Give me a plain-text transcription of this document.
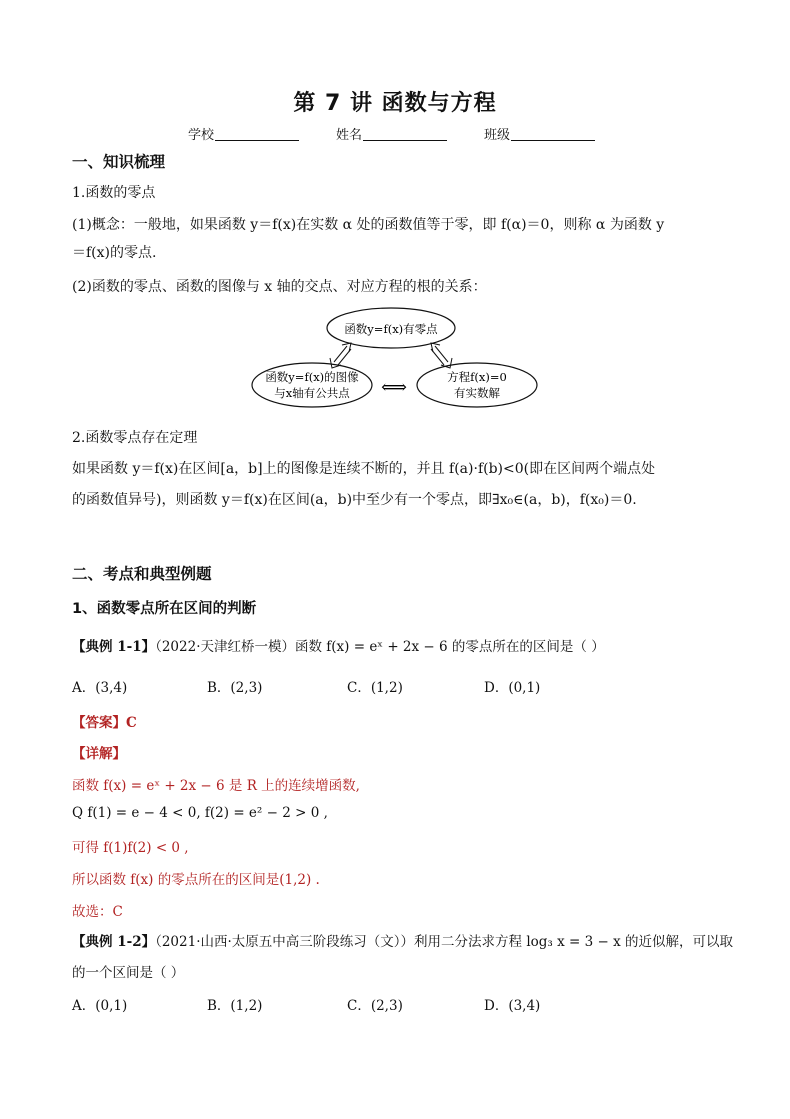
第 7 讲 函数与方程
学校	姓名	班级
一、知识梳理
1.函数的零点
(1)概念：一般地，如果函数 y＝f(x)在实数 α 处的函数值等于零，即 f(α)＝0，则称 α 为函数 y
＝f(x)的零点.
(2)函数的零点、函数的图像与 x 轴的交点、对应方程的根的关系：
函数y=f(x)有零点
函数y=f(x)的图像
与x轴有公共点
方程f(x)=0
有实数解
⟺
2.函数零点存在定理
如果函数 y＝f(x)在区间[a，b]上的图像是连续不断的，并且 f(a)·f(b)<0(即在区间两个端点处
的函数值异号)，则函数 y＝f(x)在区间(a，b)中至少有一个零点，即∃x₀∈(a，b)，f(x₀)＝0.
二、考点和典型例题
1、函数零点所在区间的判断
【典例 1-1】（2022·天津红桥一模）函数 f(x) = eˣ + 2x − 6 的零点所在的区间是（ ）
A．(3,4)	B．(2,3)	C．(1,2)	D．(0,1)
【答案】C
【详解】
函数 f(x) = eˣ + 2x − 6 是 R 上的连续增函数,
Q f(1) = e − 4 < 0, f(2) = e² − 2 > 0 ,
可得 f(1)f(2) < 0 ,
所以函数 f(x) 的零点所在的区间是(1,2) .
故选：C
【典例 1-2】（2021·山西·太原五中高三阶段练习（文））利用二分法求方程 log₃ x = 3 − x 的近似解，可以取
的一个区间是（ ）
A．(0,1)	B．(1,2)	C．(2,3)	D．(3,4)
